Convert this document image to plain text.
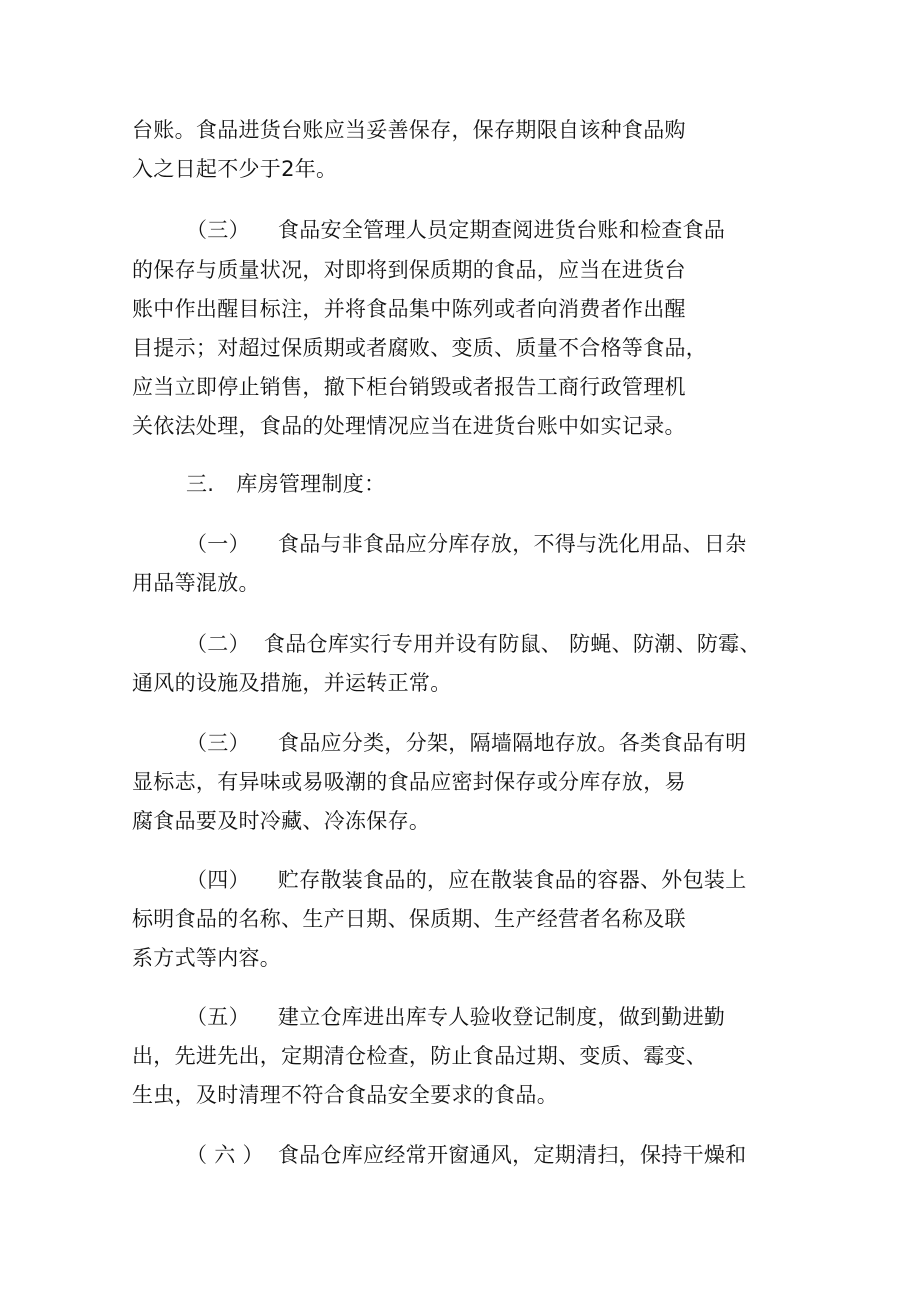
台账。食品进货台账应当妥善保存，保存期限自该种食品购

入之日起不少于2年。

（三） 食品安全管理人员定期查阅进货台账和检查食品

的保存与质量状况，对即将到保质期的食品，应当在进货台

账中作出醒目标注，并将食品集中陈列或者向消费者作出醒

目提示；对超过保质期或者腐败、变质、质量不合格等食品，

应当立即停止销售，撤下柜台销毁或者报告工商行政管理机

关依法处理，食品的处理情况应当在进货台账中如实记录。

三. 库房管理制度：

（一） 食品与非食品应分库存放，不得与洗化用品、日杂

用品等混放。

（二） 食品仓库实行专用并设有防鼠、 防蝇、防潮、防霉、

通风的设施及措施，并运转正常。

（三） 食品应分类，分架，隔墙隔地存放。各类食品有明

显标志，有异味或易吸潮的食品应密封保存或分库存放，易

腐食品要及时冷藏、冷冻保存。

（四） 贮存散装食品的，应在散装食品的容器、外包装上

标明食品的名称、生产日期、保质期、生产经营者名称及联

系方式等内容。

（五） 建立仓库进出库专人验收登记制度，做到勤进勤

出，先进先出，定期清仓检查，防止食品过期、变质、霉变、

生虫，及时清理不符合食品安全要求的食品。

（ 六 ） 食品仓库应经常开窗通风，定期清扫，保持干燥和
